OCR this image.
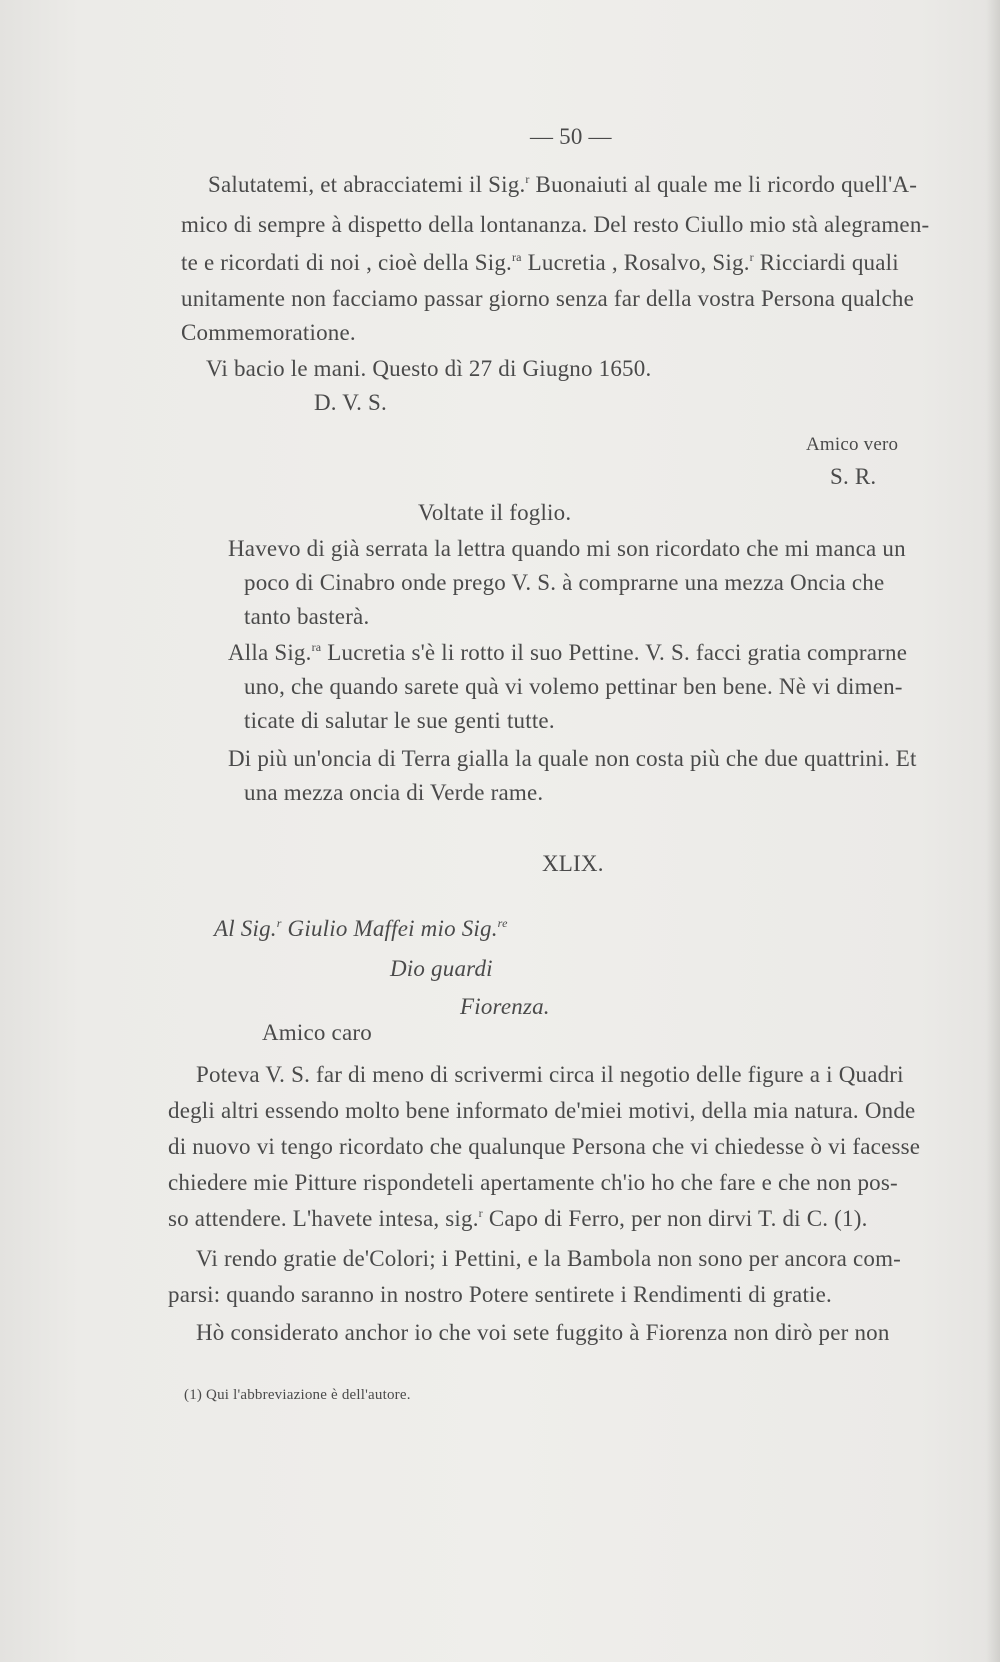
— 50 —
Salutatemi, et abracciatemi il Sig.$^r$ Buonaiuti al quale me li ricordo quell'A-
mico di sempre à dispetto della lontananza. Del resto Ciullo mio stà alegramen-
te e ricordati di noi , cioè della Sig.$^{ra}$ Lucretia , Rosalvo, Sig.$^r$ Ricciardi quali
unitamente non facciamo passar giorno senza far della vostra Persona qualche
Commemoratione.
Vi bacio le mani. Questo dì 27 di Giugno 1650.
D. V. S.
Amico vero
S. R.
Voltate il foglio.
Havevo di già serrata la lettra quando mi son ricordato che mi manca un
poco di Cinabro onde prego V. S. à comprarne una mezza Oncia che
tanto basterà.
Alla Sig.$^{ra}$ Lucretia s'è li rotto il suo Pettine. V. S. facci gratia comprarne
uno, che quando sarete quà vi volemo pettinar ben bene. Nè vi dimen-
ticate di salutar le sue genti tutte.
Di più un'oncia di Terra gialla la quale non costa più che due quattrini. Et
una mezza oncia di Verde rame.
XLIX.
Al Sig.$^r$ Giulio Maffei mio Sig.$^{re}$
Dio guardi
Fiorenza.
Amico caro
Poteva V. S. far di meno di scrivermi circa il negotio delle figure a i Quadri
degli altri essendo molto bene informato de'miei motivi, della mia natura. Onde
di nuovo vi tengo ricordato che qualunque Persona che vi chiedesse ò vi facesse
chiedere mie Pitture rispondeteli apertamente ch'io ho che fare e che non pos-
so attendere. L'havete intesa, sig.$^r$ Capo di Ferro, per non dirvi T. di C. (1).
Vi rendo gratie de'Colori; i Pettini, e la Bambola non sono per ancora com-
parsi: quando saranno in nostro Potere sentirete i Rendimenti di gratie.
Hò considerato anchor io che voi sete fuggito à Fiorenza non dirò per non
(1) Qui l'abbreviazione è dell'autore.
